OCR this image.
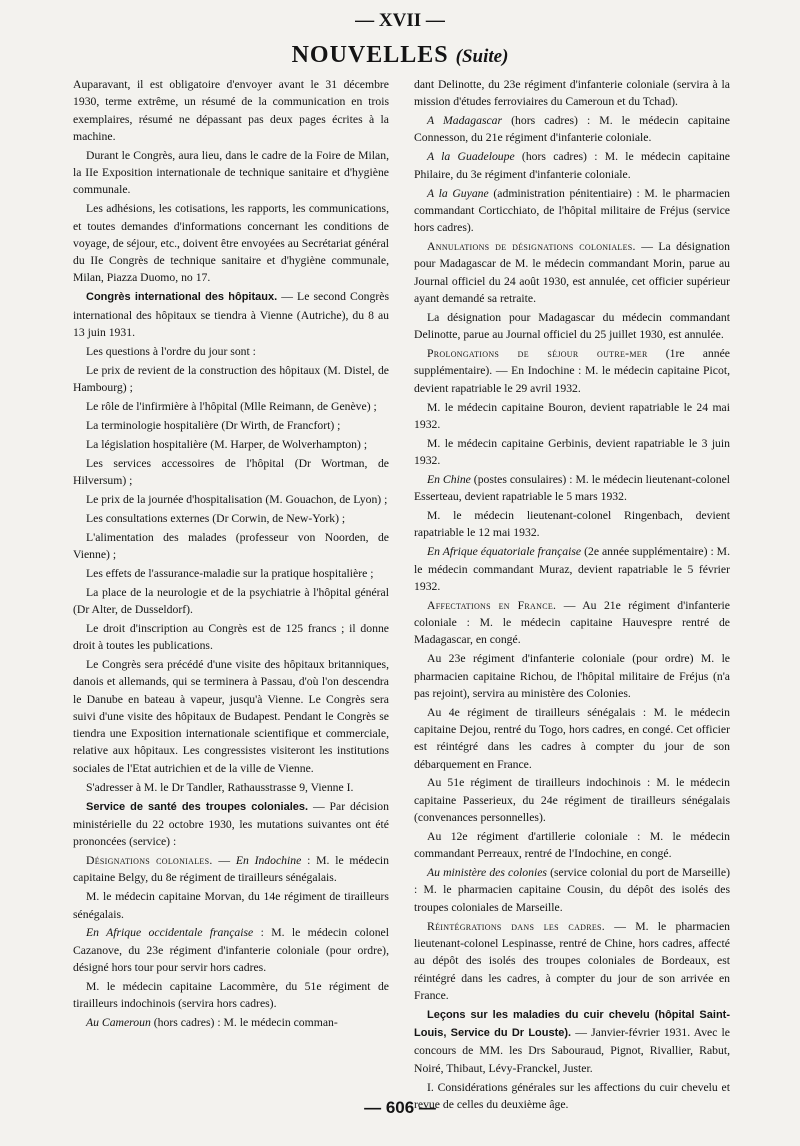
— XVII —
NOUVELLES (Suite)

Auparavant, il est obligatoire d'envoyer avant le 31 décembre 1930, terme extrême, un résumé de la communication en trois exemplaires, résumé ne dépassant pas deux pages écrites à la machine.

Durant le Congrès, aura lieu, dans le cadre de la Foire de Milan, la IIe Exposition internationale de technique sanitaire et d'hygiène communale.

Les adhésions, les cotisations, les rapports, les communications, et toutes demandes d'informations concernant les conditions de voyage, de séjour, etc., doivent être envoyées au Secrétariat général du IIe Congrès de technique sanitaire et d'hygiène communale, Milan, Piazza Duomo, no 17.

Congrès international des hôpitaux. — Le second Congrès international des hôpitaux se tiendra à Vienne (Autriche), du 8 au 13 juin 1931.

Les questions à l'ordre du jour sont :

Le prix de revient de la construction des hôpitaux (M. Distel, de Hambourg) ;

Le rôle de l'infirmière à l'hôpital (Mlle Reimann, de Genève) ;

La terminologie hospitalière (Dr Wirth, de Francfort) ;

La législation hospitalière (M. Harper, de Wolverhampton) ;

Les services accessoires de l'hôpital (Dr Wortman, de Hilversum) ;

Le prix de la journée d'hospitalisation (M. Gouachon, de Lyon) ;

Les consultations externes (Dr Corwin, de New-York) ;

L'alimentation des malades (professeur von Noorden, de Vienne) ;

Les effets de l'assurance-maladie sur la pratique hospitalière ;

La place de la neurologie et de la psychiatrie à l'hôpital général (Dr Alter, de Dusseldorf).

Le droit d'inscription au Congrès est de 125 francs ; il donne droit à toutes les publications.

Le Congrès sera précédé d'une visite des hôpitaux britanniques, danois et allemands, qui se terminera à Passau, d'où l'on descendra le Danube en bateau à vapeur, jusqu'à Vienne. Le Congrès sera suivi d'une visite des hôpitaux de Budapest. Pendant le Congrès se tiendra une Exposition internationale scientifique et commerciale, relative aux hôpitaux. Les congressistes visiteront les institutions sociales de l'Etat autrichien et de la ville de Vienne.

S'adresser à M. le Dr Tandler, Rathausstrasse 9, Vienne I.

Service de santé des troupes coloniales. — Par décision ministérielle du 22 octobre 1930, les mutations suivantes ont été prononcées (service) :

Désignations coloniales. — En Indochine : M. le médecin capitaine Belgy, du 8e régiment de tirailleurs sénégalais.

M. le médecin capitaine Morvan, du 14e régiment de tirailleurs sénégalais.

En Afrique occidentale française : M. le médecin colonel Cazanove, du 23e régiment d'infanterie coloniale (pour ordre), désigné hors tour pour servir hors cadres.

M. le médecin capitaine Lacommère, du 51e régiment de tirailleurs indochinois (servira hors cadres).

Au Cameroun (hors cadres) : M. le médecin comman-

dant Delinotte, du 23e régiment d'infanterie coloniale (servira à la mission d'études ferroviaires du Cameroun et du Tchad).

A Madagascar (hors cadres) : M. le médecin capitaine Connesson, du 21e régiment d'infanterie coloniale.

A la Guadeloupe (hors cadres) : M. le médecin capitaine Philaire, du 3e régiment d'infanterie coloniale.

A la Guyane (administration pénitentiaire) : M. le pharmacien commandant Corticchiato, de l'hôpital militaire de Fréjus (service hors cadres).

Annulations de désignations coloniales. — La désignation pour Madagascar de M. le médecin commandant Morin, parue au Journal officiel du 24 août 1930, est annulée, cet officier supérieur ayant demandé sa retraite.

La désignation pour Madagascar du médecin commandant Delinotte, parue au Journal officiel du 25 juillet 1930, est annulée.

Prolongations de séjour outre-mer (1re année supplémentaire). — En Indochine : M. le médecin capitaine Picot, devient rapatriable le 29 avril 1932.

M. le médecin capitaine Bouron, devient rapatriable le 24 mai 1932.

M. le médecin capitaine Gerbinis, devient rapatriable le 3 juin 1932.

En Chine (postes consulaires) : M. le médecin lieutenant-colonel Esserteau, devient rapatriable le 5 mars 1932.

M. le médecin lieutenant-colonel Ringenbach, devient rapatriable le 12 mai 1932.

En Afrique équatoriale française (2e année supplémentaire) : M. le médecin commandant Muraz, devient rapatriable le 5 février 1932.

Affectations en France. — Au 21e régiment d'infanterie coloniale : M. le médecin capitaine Hauvespre rentré de Madagascar, en congé.

Au 23e régiment d'infanterie coloniale (pour ordre) M. le pharmacien capitaine Richou, de l'hôpital militaire de Fréjus (n'a pas rejoint), servira au ministère des Colonies.

Au 4e régiment de tirailleurs sénégalais : M. le médecin capitaine Dejou, rentré du Togo, hors cadres, en congé. Cet officier est réintégré dans les cadres à compter du jour de son débarquement en France.

Au 51e régiment de tirailleurs indochinois : M. le médecin capitaine Passerieux, du 24e régiment de tirailleurs sénégalais (convenances personnelles).

Au 12e régiment d'artillerie coloniale : M. le médecin commandant Perreaux, rentré de l'Indochine, en congé.

Au ministère des colonies (service colonial du port de Marseille) : M. le pharmacien capitaine Cousin, du dépôt des isolés des troupes coloniales de Marseille.

Réintégrations dans les cadres. — M. le pharmacien lieutenant-colonel Lespinasse, rentré de Chine, hors cadres, affecté au dépôt des isolés des troupes coloniales de Bordeaux, est réintégré dans les cadres, à compter du jour de son arrivée en France.

Leçons sur les maladies du cuir chevelu (hôpital Saint-Louis, Service du Dr Louste). — Janvier-février 1931. Avec le concours de MM. les Drs Sabouraud, Pignot, Rivallier, Rabut, Noiré, Thibaut, Lévy-Franckel, Juster.

I. Considérations générales sur les affections du cuir chevelu et revue de celles du deuxième âge.

— 606 —
